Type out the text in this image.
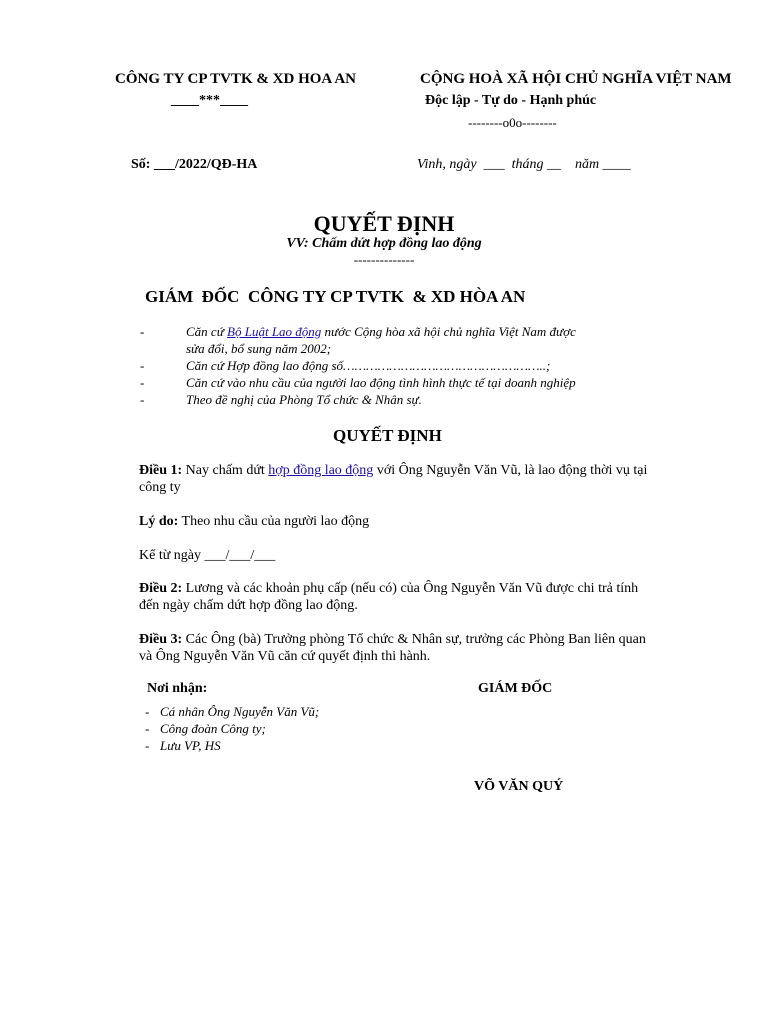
CÔNG TY CP TVTK & XD HOA AN
____***____
CỘNG HOÀ XÃ HỘI CHỦ NGHĨA VIỆT NAM
Độc lập - Tự do - Hạnh phúc
--------o0o--------
Số: ___/2022/QĐ-HA	Vinh, ngày  ___  tháng __    năm ____
QUYẾT ĐỊNH
VV: Chấm dứt hợp đồng lao động
--------------
GIÁM  ĐỐC  CÔNG TY CP TVTK  & XD HÒA AN
-	Căn cứ Bộ Luật Lao động nước Cộng hòa xã hội chủ nghĩa Việt Nam được
sửa đổi, bổ sung năm 2002;
-	Căn cứ Hợp đồng lao động số……………………………………………..;
-	Căn cứ vào nhu cầu của người lao động tình hình thực tế tại doanh nghiệp
-	Theo đề nghị của Phòng Tổ chức & Nhân sự.
QUYẾT ĐỊNH
Điều 1: Nay chấm dứt hợp đồng lao động với Ông Nguyễn Văn Vũ, là lao động thời vụ tại công ty
Lý do: Theo nhu cầu của người lao động
Kể từ ngày ___/___/___
Điều 2: Lương và các khoản phụ cấp (nếu có) của Ông Nguyễn Văn Vũ được chi trả tính đến ngày chấm dứt hợp đồng lao động.
Điều 3: Các Ông (bà) Trưởng phòng Tổ chức & Nhân sự, trưởng các Phòng Ban liên quan và Ông Nguyễn Văn Vũ căn cứ quyết định thi hành.
Nơi nhận:
- Cá nhân Ông Nguyễn Văn Vũ;
- Công đoàn Công ty;
- Lưu VP, HS
GIÁM ĐỐC
VÕ VĂN QUÝ
